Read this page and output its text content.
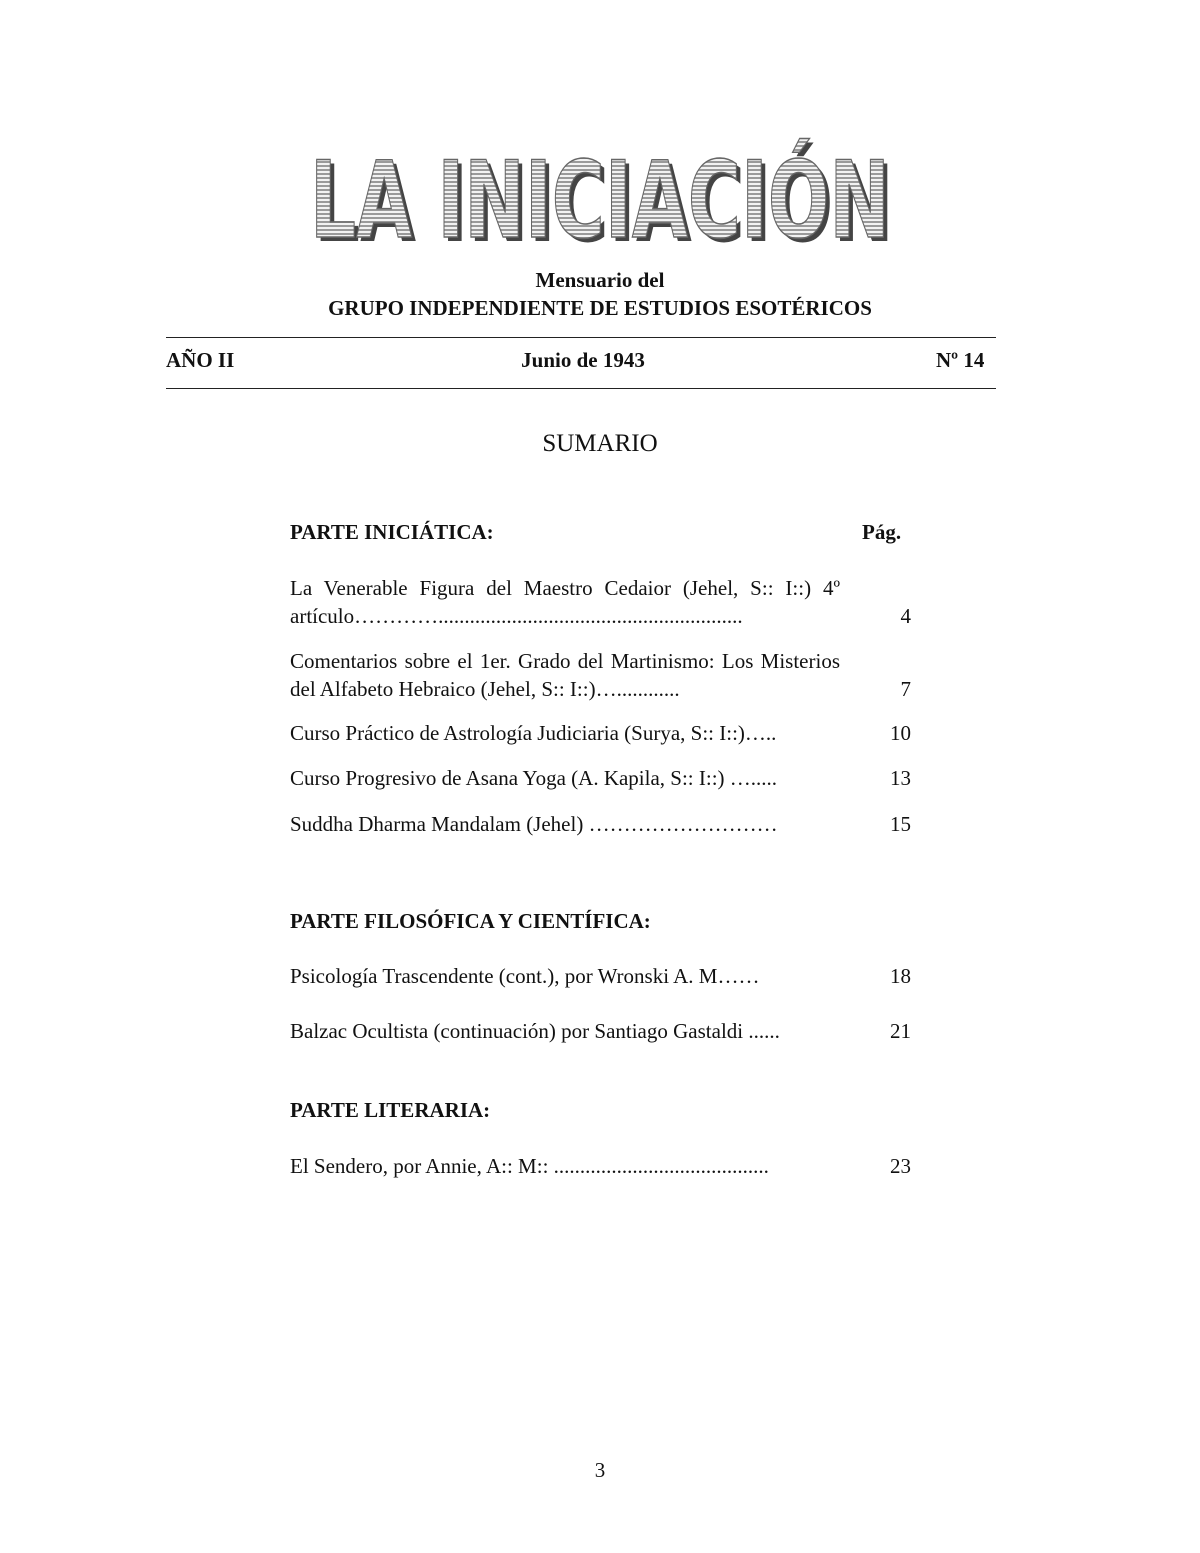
LA INICIACIÓN
LA INICIACIÓN
Mensuario del
GRUPO INDEPENDIENTE DE ESTUDIOS ESOTÉRICOS
AÑO II	Junio de 1943	Nº 14
SUMARIO
PARTE INICIÁTICA:	Pág.
La Venerable Figura del Maestro Cedaior (Jehel, S:: I::) 4º artículo…………..........................................................	4
Comentarios sobre el 1er. Grado del Martinismo: Los Misterios del Alfabeto Hebraico (Jehel, S:: I::)…............	7
Curso Práctico de Astrología Judiciaria (Surya, S:: I::)…..	10
Curso Progresivo de Asana Yoga (A. Kapila, S:: I::) ….....	13
Suddha Dharma Mandalam (Jehel) ………………………	15
PARTE FILOSÓFICA Y CIENTÍFICA:
Psicología Trascendente (cont.), por Wronski A. M……	18
Balzac Ocultista (continuación) por Santiago Gastaldi ......	21
PARTE LITERARIA:
El Sendero, por Annie, A:: M:: .........................................	23
3
